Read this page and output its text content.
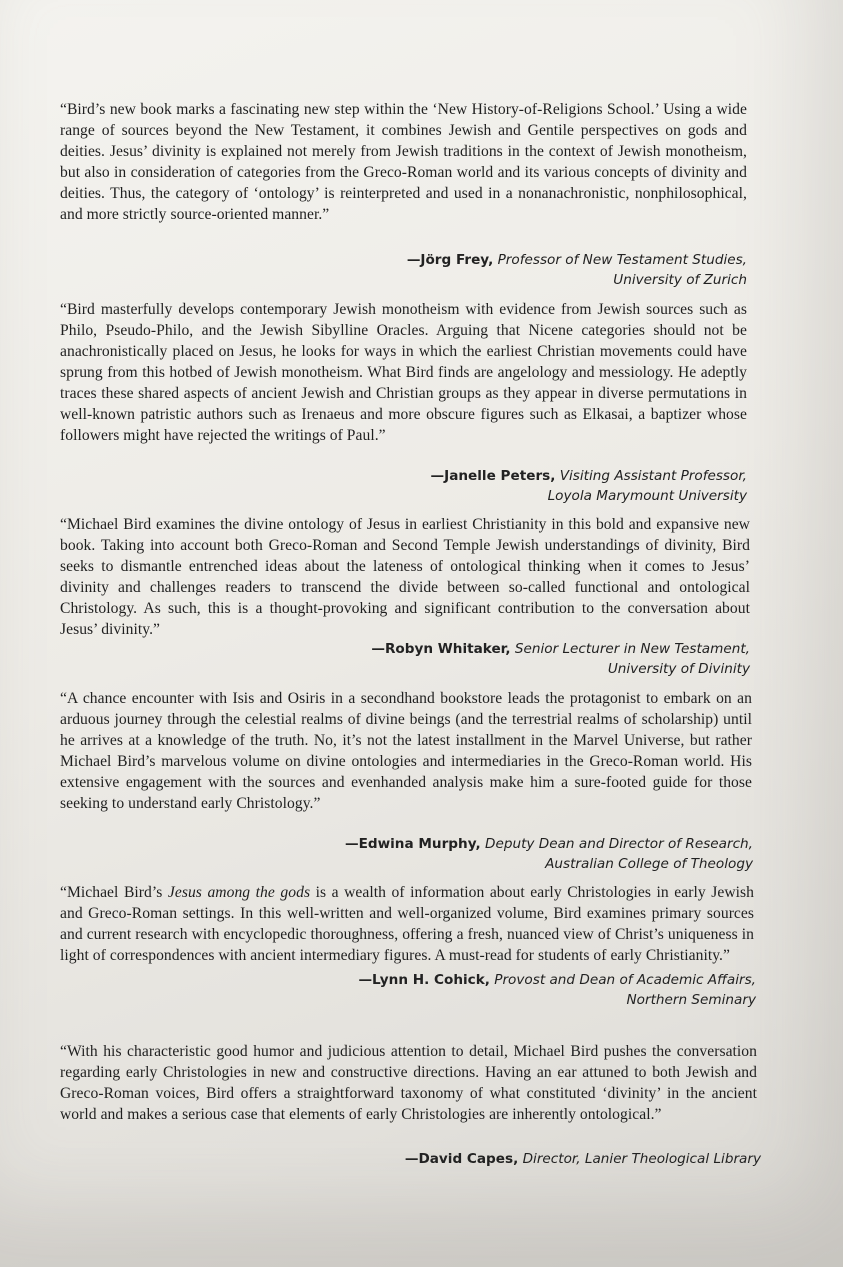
“Bird’s new book marks a fascinating new step within the ‘New History-of-Religions School.’ Using a wide range of sources beyond the New Testament, it combines Jewish and Gentile perspectives on gods and deities. Jesus’ divinity is explained not merely from Jewish traditions in the context of Jewish monotheism, but also in consideration of categories from the Greco-Roman world and its various concepts of divinity and deities. Thus, the category of ‘ontology’ is reinterpreted and used in a nonanachronistic, nonphilosophical, and more strictly source-oriented manner.”

—Jörg Frey, Professor of New Testament Studies,
University of Zurich

“Bird masterfully develops contemporary Jewish monotheism with evidence from Jewish sources such as Philo, Pseudo-Philo, and the Jewish Sibylline Oracles. Arguing that Nicene categories should not be anachronistically placed on Jesus, he looks for ways in which the earliest Christian movements could have sprung from this hotbed of Jewish monotheism. What Bird finds are angelology and messiology. He adeptly traces these shared aspects of ancient Jewish and Christian groups as they appear in diverse permutations in well-known patristic authors such as Irenaeus and more obscure figures such as Elkasai, a baptizer whose followers might have rejected the writings of Paul.”

—Janelle Peters, Visiting Assistant Professor,
Loyola Marymount University

“Michael Bird examines the divine ontology of Jesus in earliest Christianity in this bold and expansive new book. Taking into account both Greco-Roman and Second Temple Jewish understandings of divinity, Bird seeks to dismantle entrenched ideas about the lateness of ontological thinking when it comes to Jesus’ divinity and challenges readers to transcend the divide between so-called functional and ontological Christology. As such, this is a thought-provoking and significant contribution to the conversation about Jesus’ divinity.”

—Robyn Whitaker, Senior Lecturer in New Testament,
University of Divinity

“A chance encounter with Isis and Osiris in a secondhand bookstore leads the protagonist to embark on an arduous journey through the celestial realms of divine beings (and the terrestrial realms of scholarship) until he arrives at a knowledge of the truth. No, it’s not the latest installment in the Marvel Universe, but rather Michael Bird’s marvelous volume on divine ontologies and intermediaries in the Greco-Roman world. His extensive engagement with the sources and evenhanded analysis make him a sure-footed guide for those seeking to understand early Christology.”

—Edwina Murphy, Deputy Dean and Director of Research,
Australian College of Theology

“Michael Bird’s Jesus among the gods is a wealth of information about early Christologies in early Jewish and Greco-Roman settings. In this well-written and well-organized volume, Bird examines primary sources and current research with encyclopedic thoroughness, offering a fresh, nuanced view of Christ’s uniqueness in light of correspondences with ancient intermediary figures. A must-read for students of early Christianity.”

—Lynn H. Cohick, Provost and Dean of Academic Affairs,
Northern Seminary

“With his characteristic good humor and judicious attention to detail, Michael Bird pushes the conversation regarding early Christologies in new and constructive directions. Having an ear attuned to both Jewish and Greco-Roman voices, Bird offers a straightforward taxonomy of what constituted ‘divinity’ in the ancient world and makes a serious case that elements of early Christologies are inherently ontological.”

—David Capes, Director, Lanier Theological Library
